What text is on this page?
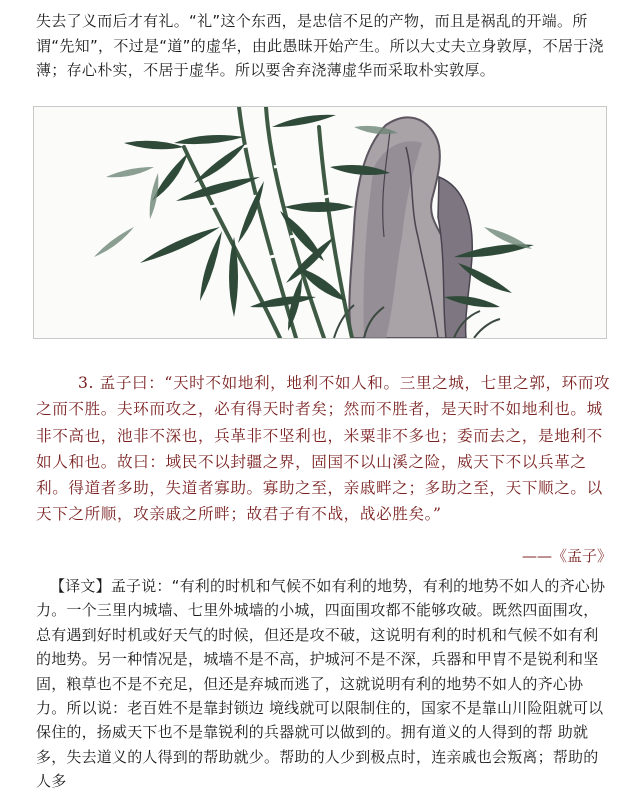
失去了义而后才有礼。“礼”这个东西，是忠信不足的产物，而且是祸乱的开端。所谓“先知”，不过是“道”的虚华，由此愚昧开始产生。所以大丈夫立身敦厚，不居于浇薄；存心朴实，不居于虚华。所以要舍弃浇薄虚华而采取朴实敦厚。

3. 孟子曰：“天时不如地利，地利不如人和。三里之城，七里之郭，环而攻之而不胜。夫环而攻之，必有得天时者矣；然而不胜者，是天时不如地利也。城非不高也，池非不深也，兵革非不坚利也，米粟非不多也；委而去之，是地利不如人和也。故曰：域民不以封疆之界，固国不以山溪之险，威天下不以兵革之利。得道者多助，失道者寡助。寡助之至，亲戚畔之；多助之至，天下顺之。以天下之所顺，攻亲戚之所畔；故君子有不战，战必胜矣。”

——《孟子》

【译文】孟子说：“有利的时机和气候不如有利的地势，有利的地势不如人的齐心协力。一个三里内城墙、七里外城墙的小城，四面围攻都不能够攻破。既然四面围攻，总有遇到好时机或好天气的时候，但还是攻不破，这说明有利的时机和气候不如有利的地势。另一种情况是，城墙不是不高，护城河不是不深，兵器和甲胄不是锐利和坚固，粮草也不是不充足，但还是弃城而逃了，这就说明有利的地势不如人的齐心协力。所以说：老百姓不是靠封锁边 境线就可以限制住的，国家不是靠山川险阻就可以保住的，扬威天下也不是靠锐利的兵器就可以做到的。拥有道义的人得到的帮 助就多，失去道义的人得到的帮助就少。帮助的人少到极点时，连亲戚也会叛离；帮助的人多
